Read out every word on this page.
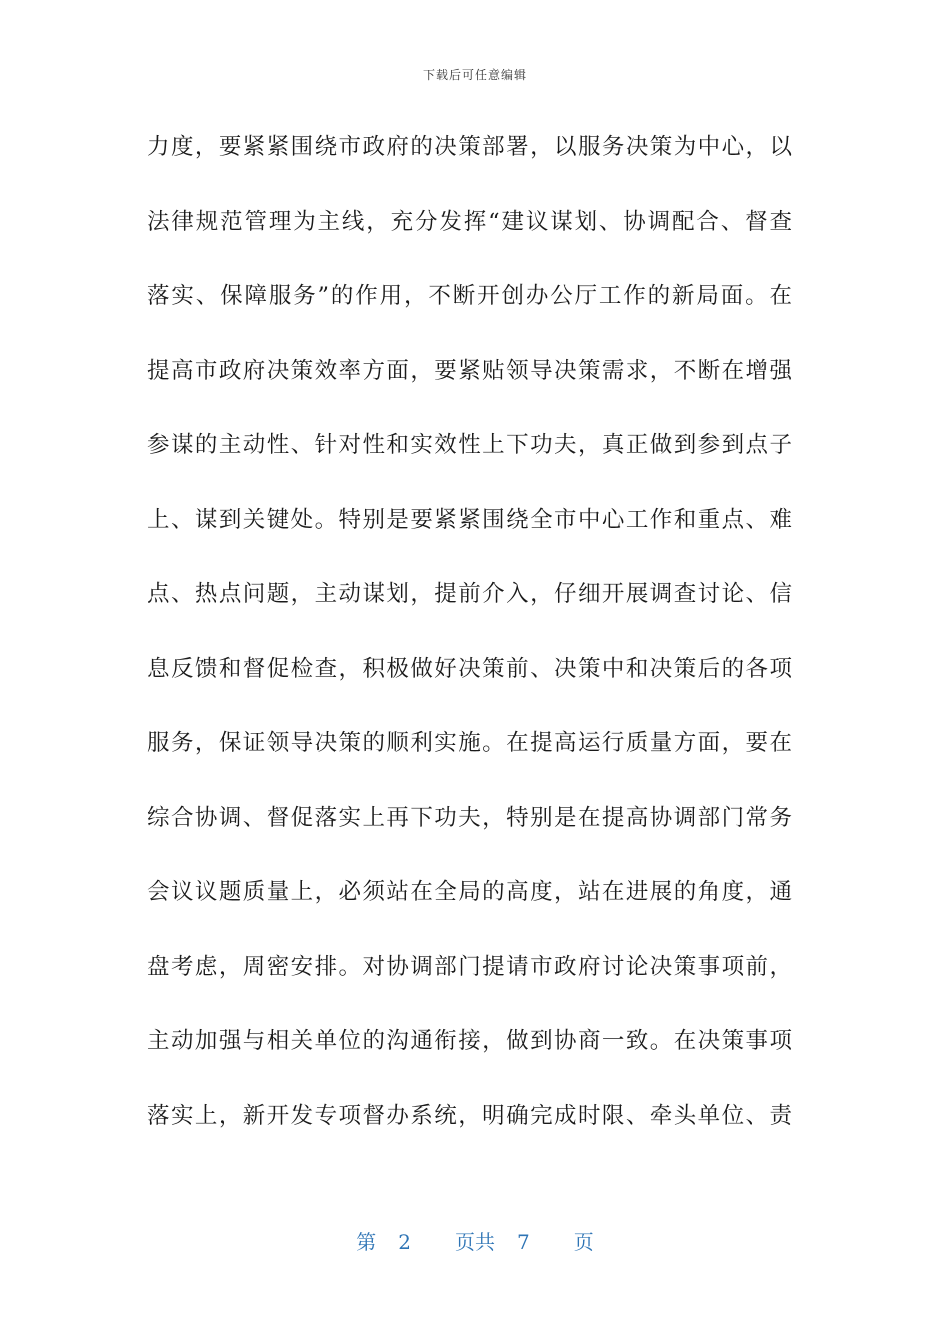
下载后可任意编辑
力度，要紧紧围绕市政府的决策部署，以服务决策为中心，以
法律规范管理为主线，充分发挥“建议谋划、协调配合、督查
落实、保障服务”的作用，不断开创办公厅工作的新局面。在
提高市政府决策效率方面，要紧贴领导决策需求，不断在增强
参谋的主动性、针对性和实效性上下功夫，真正做到参到点子
上、谋到关键处。特别是要紧紧围绕全市中心工作和重点、难
点、热点问题，主动谋划，提前介入，仔细开展调查讨论、信
息反馈和督促检查，积极做好决策前、决策中和决策后的各项
服务，保证领导决策的顺利实施。在提高运行质量方面，要在
综合协调、督促落实上再下功夫，特别是在提高协调部门常务
会议议题质量上，必须站在全局的高度，站在进展的角度，通
盘考虑，周密安排。对协调部门提请市政府讨论决策事项前，
主动加强与相关单位的沟通衔接，做到协商一致。在决策事项
落实上，新开发专项督办系统，明确完成时限、牵头单位、责
第 2 页共 7 页
